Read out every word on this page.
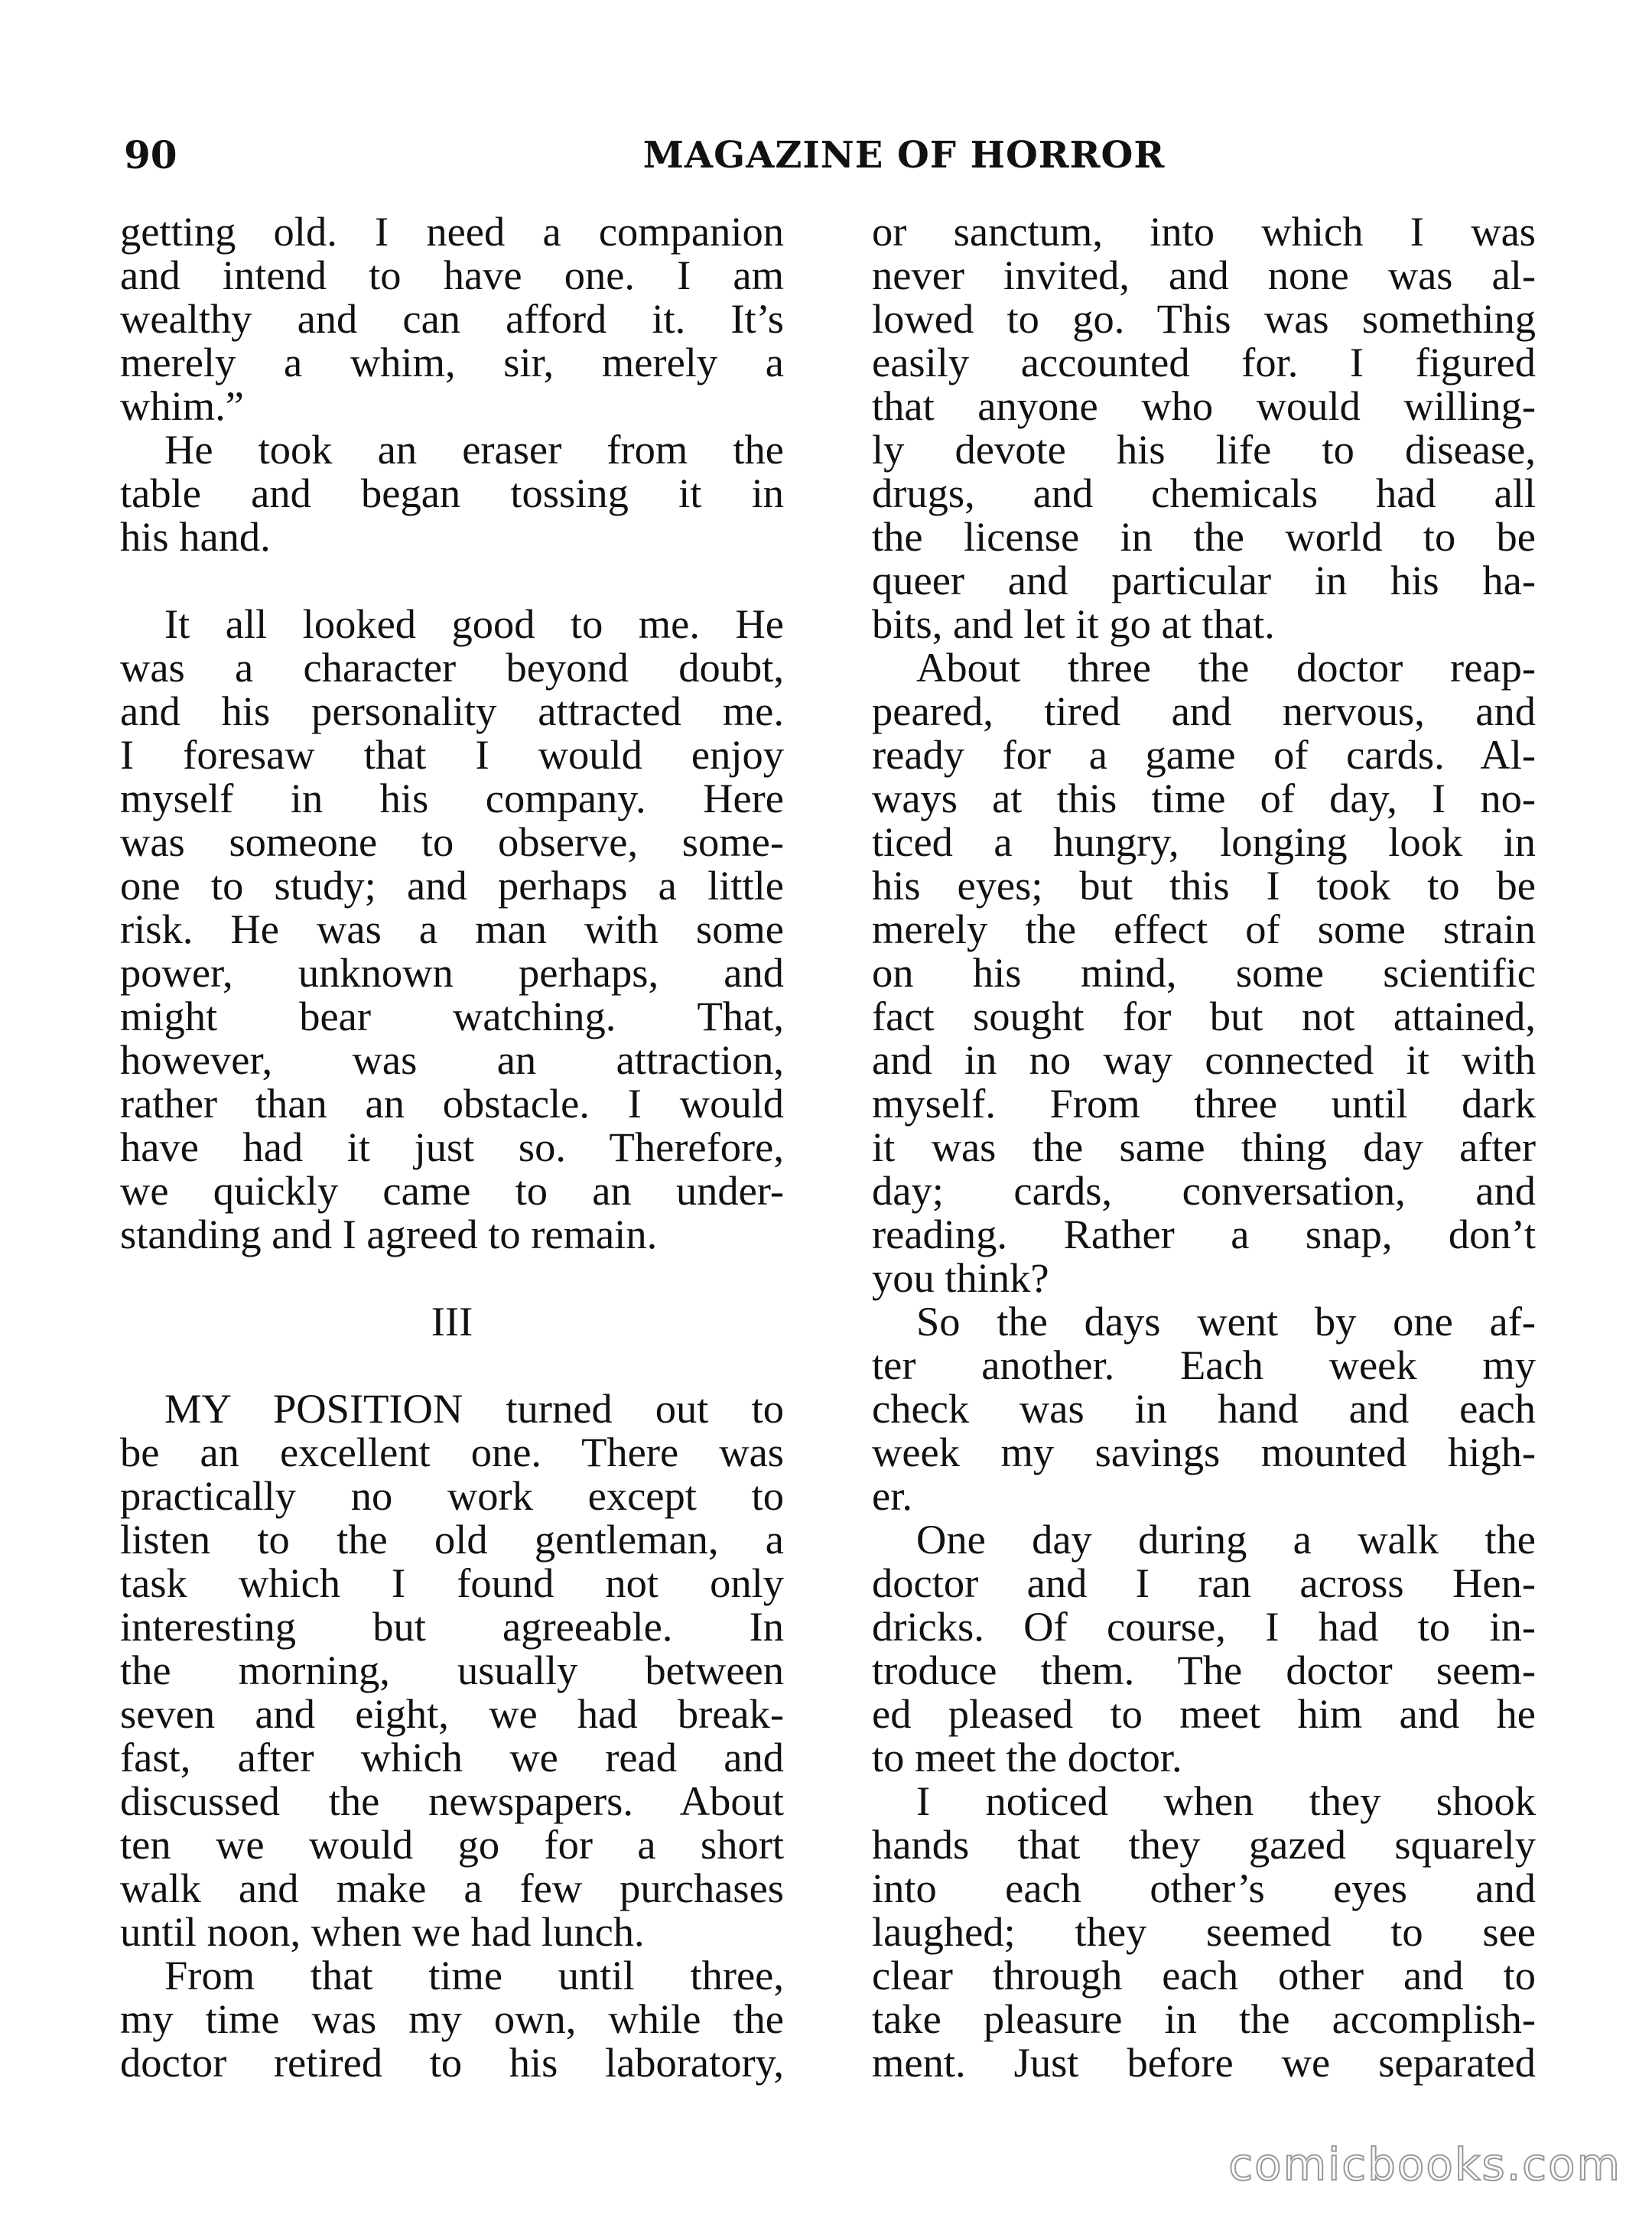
90	MAGAZINE OF HORROR
getting old. I need a companion
and intend to have one. I am
wealthy and can afford it. It’s
merely a whim, sir, merely a
whim.”
He took an eraser from the
table and began tossing it in
his hand.
It all looked good to me. He
was a character beyond doubt,
and his personality attracted me.
I foresaw that I would enjoy
myself in his company. Here
was someone to observe, some-
one to study; and perhaps a little
risk. He was a man with some
power, unknown perhaps, and
might bear watching. That,
however, was an attraction,
rather than an obstacle. I would
have had it just so. Therefore,
we quickly came to an under-
standing and I agreed to remain.
III
MY POSITION turned out to
be an excellent one. There was
practically no work except to
listen to the old gentleman, a
task which I found not only
interesting but agreeable. In
the morning, usually between
seven and eight, we had break-
fast, after which we read and
discussed the newspapers. About
ten we would go for a short
walk and make a few purchases
until noon, when we had lunch.
From that time until three,
my time was my own, while the
doctor retired to his laboratory,
or sanctum, into which I was
never invited, and none was al-
lowed to go. This was something
easily accounted for. I figured
that anyone who would willing-
ly devote his life to disease,
drugs, and chemicals had all
the license in the world to be
queer and particular in his ha-
bits, and let it go at that.
About three the doctor reap-
peared, tired and nervous, and
ready for a game of cards. Al-
ways at this time of day, I no-
ticed a hungry, longing look in
his eyes; but this I took to be
merely the effect of some strain
on his mind, some scientific
fact sought for but not attained,
and in no way connected it with
myself. From three until dark
it was the same thing day after
day; cards, conversation, and
reading. Rather a snap, don’t
you think?
So the days went by one af-
ter another. Each week my
check was in hand and each
week my savings mounted high-
er.
One day during a walk the
doctor and I ran across Hen-
dricks. Of course, I had to in-
troduce them. The doctor seem-
ed pleased to meet him and he
to meet the doctor.
I noticed when they shook
hands that they gazed squarely
into each other’s eyes and
laughed; they seemed to see
clear through each other and to
take pleasure in the accomplish-
ment. Just before we separated
comicbooks.com
